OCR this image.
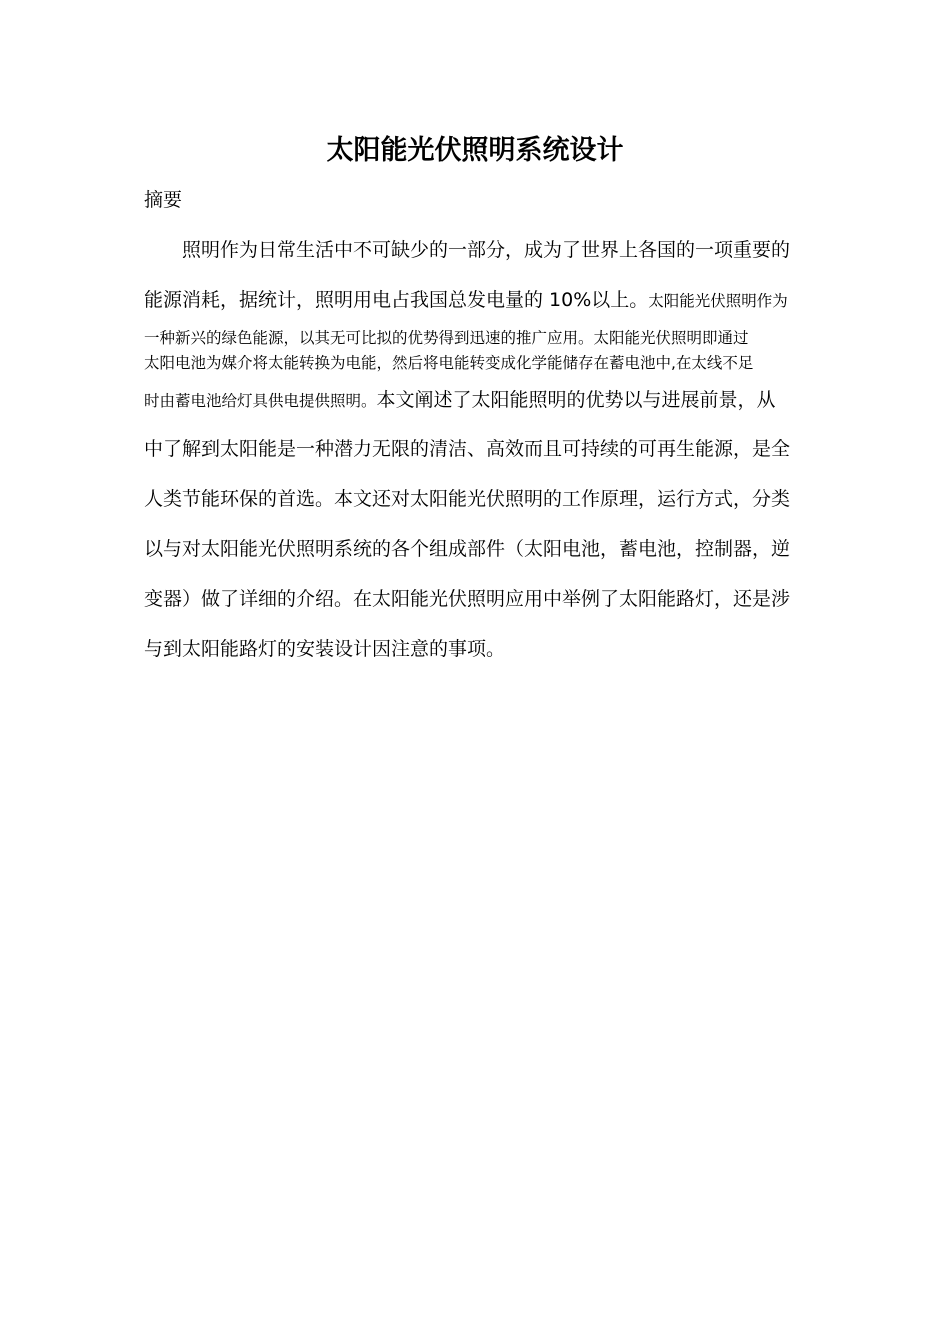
太阳能光伏照明系统设计
摘要
照明作为日常生活中不可缺少的一部分，成为了世界上各国的一项重要的
能源消耗，据统计，照明用电占我国总发电量的 10%以上。太阳能光伏照明作为
一种新兴的绿色能源，以其无可比拟的优势得到迅速的推广应用。太阳能光伏照明即通过
太阳电池为媒介将太能转换为电能，然后将电能转变成化学能储存在蓄电池中,在太线不足
时由蓄电池给灯具供电提供照明。本文阐述了太阳能照明的优势以与进展前景，从
中了解到太阳能是一种潜力无限的清洁、高效而且可持续的可再生能源，是全
人类节能环保的首选。本文还对太阳能光伏照明的工作原理，运行方式，分类
以与对太阳能光伏照明系统的各个组成部件（太阳电池，蓄电池，控制器，逆
变器）做了详细的介绍。在太阳能光伏照明应用中举例了太阳能路灯，还是涉
与到太阳能路灯的安装设计因注意的事项。
